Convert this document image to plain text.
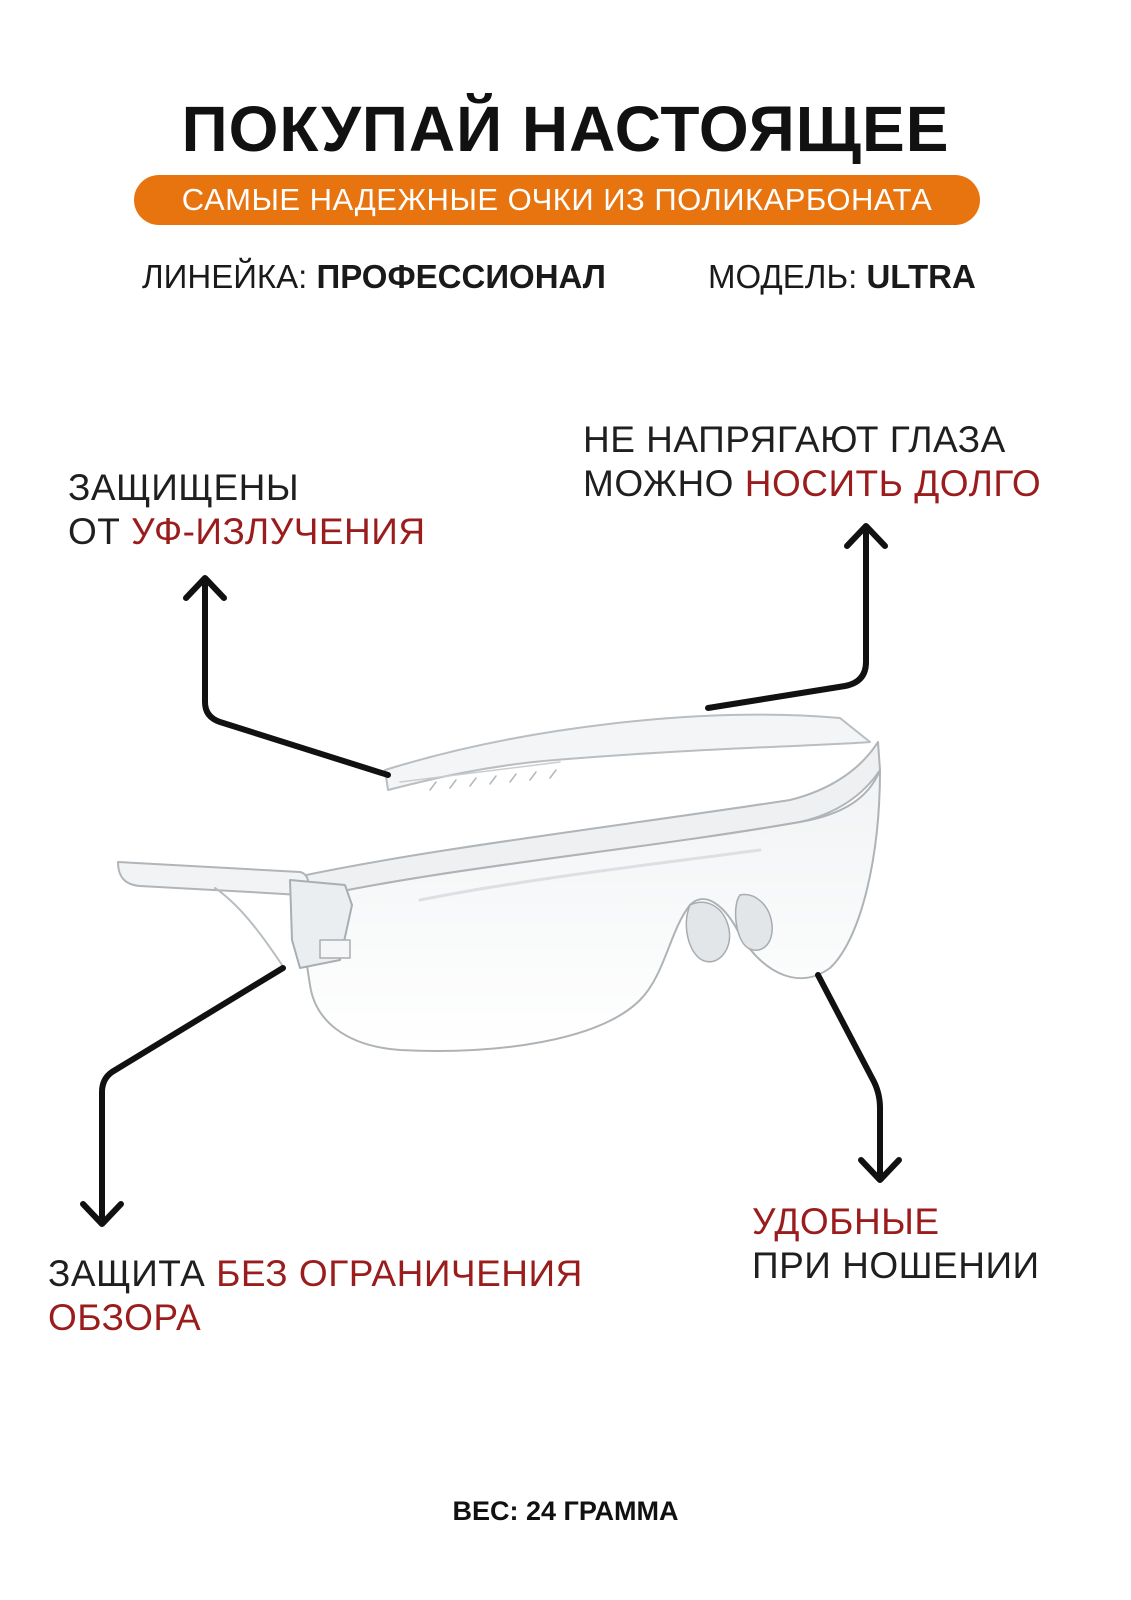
ПОКУПАЙ НАСТОЯЩЕЕ
САМЫЕ НАДЕЖНЫЕ ОЧКИ ИЗ ПОЛИКАРБОНАТА
ЛИНЕЙКА: ПРОФЕССИОНАЛ	МОДЕЛЬ: ULTRA
ЗАЩИЩЕНЫ
ОТ УФ-ИЗЛУЧЕНИЯ
НЕ НАПРЯГАЮТ ГЛАЗА
МОЖНО НОСИТЬ ДОЛГО
ЗАЩИТА БЕЗ ОГРАНИЧЕНИЯ
ОБЗОРА
УДОБНЫЕ
ПРИ НОШЕНИИ
ВЕС: 24 ГРАММА
